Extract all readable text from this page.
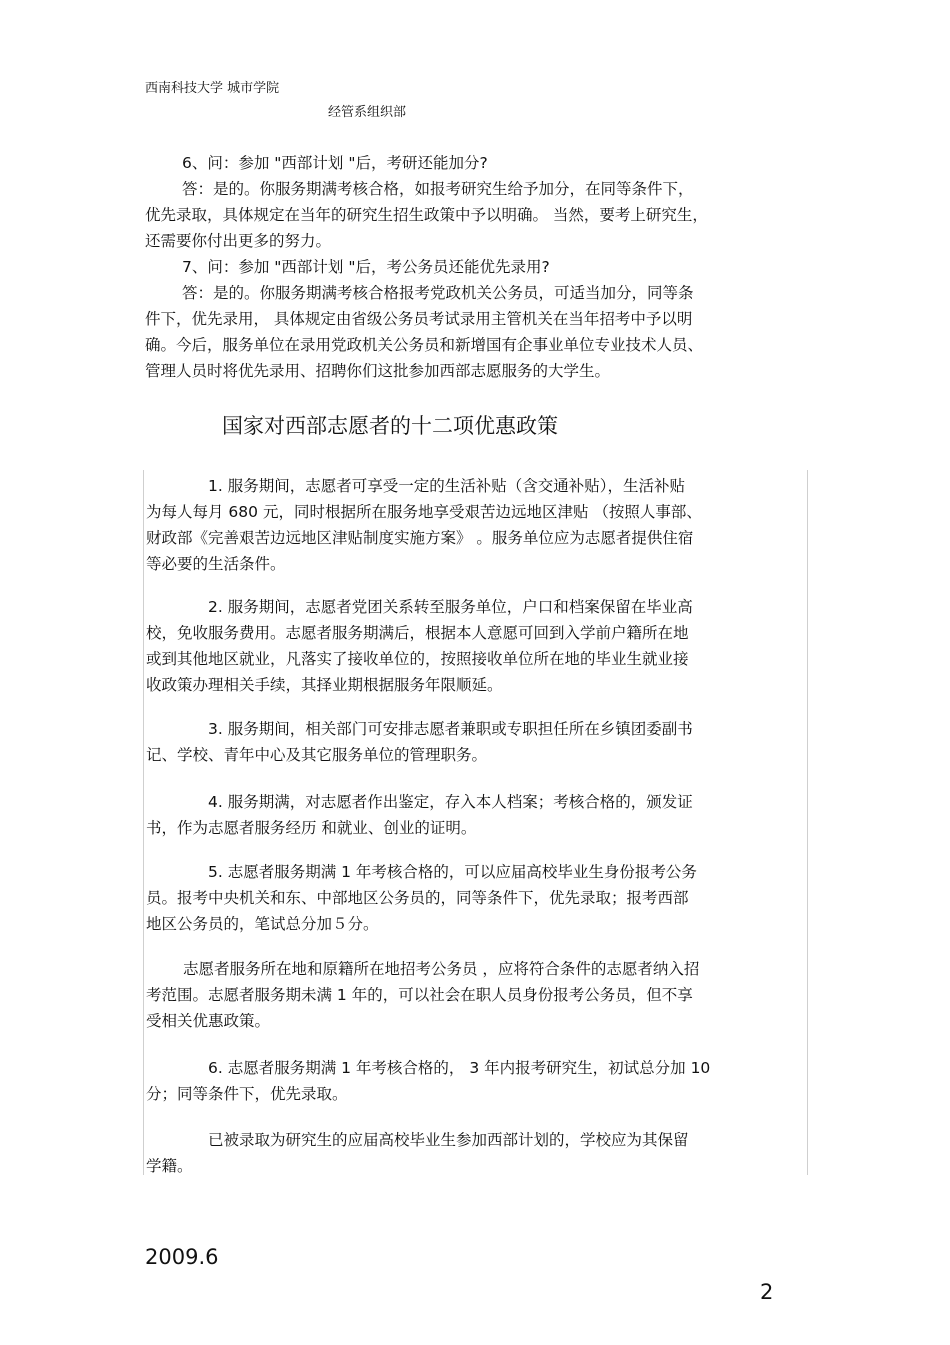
西南科技大学 城市学院
经管系组织部

6、问：参加 "西部计划 "后，考研还能加分?

答：是的。你服务期满考核合格，如报考研究生给予加分，在同等条件下，

优先录取，具体规定在当年的研究生招生政策中予以明确。 当然，要考上研究生，

还需要你付出更多的努力。

7、问：参加 "西部计划 "后，考公务员还能优先录用?

答：是的。你服务期满考核合格报考党政机关公务员，可适当加分，同等条

件下，优先录用， 具体规定由省级公务员考试录用主管机关在当年招考中予以明

确。今后，服务单位在录用党政机关公务员和新增国有企事业单位专业技术人员、

管理人员时将优先录用、招聘你们这批参加西部志愿服务的大学生。

国家对西部志愿者的十二项优惠政策

1. 服务期间，志愿者可享受一定的生活补贴（含交通补贴），生活补贴

为每人每月 680 元，同时根据所在服务地享受艰苦边远地区津贴 （按照人事部、

财政部《完善艰苦边远地区津贴制度实施方案》 。服务单位应为志愿者提供住宿

等必要的生活条件。

2. 服务期间，志愿者党团关系转至服务单位，户口和档案保留在毕业高

校，免收服务费用。志愿者服务期满后，根据本人意愿可回到入学前户籍所在地

或到其他地区就业，凡落实了接收单位的，按照接收单位所在地的毕业生就业接

收政策办理相关手续，其择业期根据服务年限顺延。

3. 服务期间，相关部门可安排志愿者兼职或专职担任所在乡镇团委副书

记、学校、青年中心及其它服务单位的管理职务。

4. 服务期满，对志愿者作出鉴定，存入本人档案；考核合格的，颁发证

书，作为志愿者服务经历 和就业、创业的证明。

5. 志愿者服务期满 1 年考核合格的，可以应届高校毕业生身份报考公务

员。报考中央机关和东、中部地区公务员的，同等条件下，优先录取；报考西部

地区公务员的，笔试总分加５分。

志愿者服务所在地和原籍所在地招考公务员 ，应将符合条件的志愿者纳入招

考范围。志愿者服务期未满 1 年的，可以社会在职人员身份报考公务员，但不享

受相关优惠政策。

6. 志愿者服务期满 1 年考核合格的， 3 年内报考研究生，初试总分加 10

分；同等条件下，优先录取。

已被录取为研究生的应届高校毕业生参加西部计划的，学校应为其保留

学籍。

2009.6
2
